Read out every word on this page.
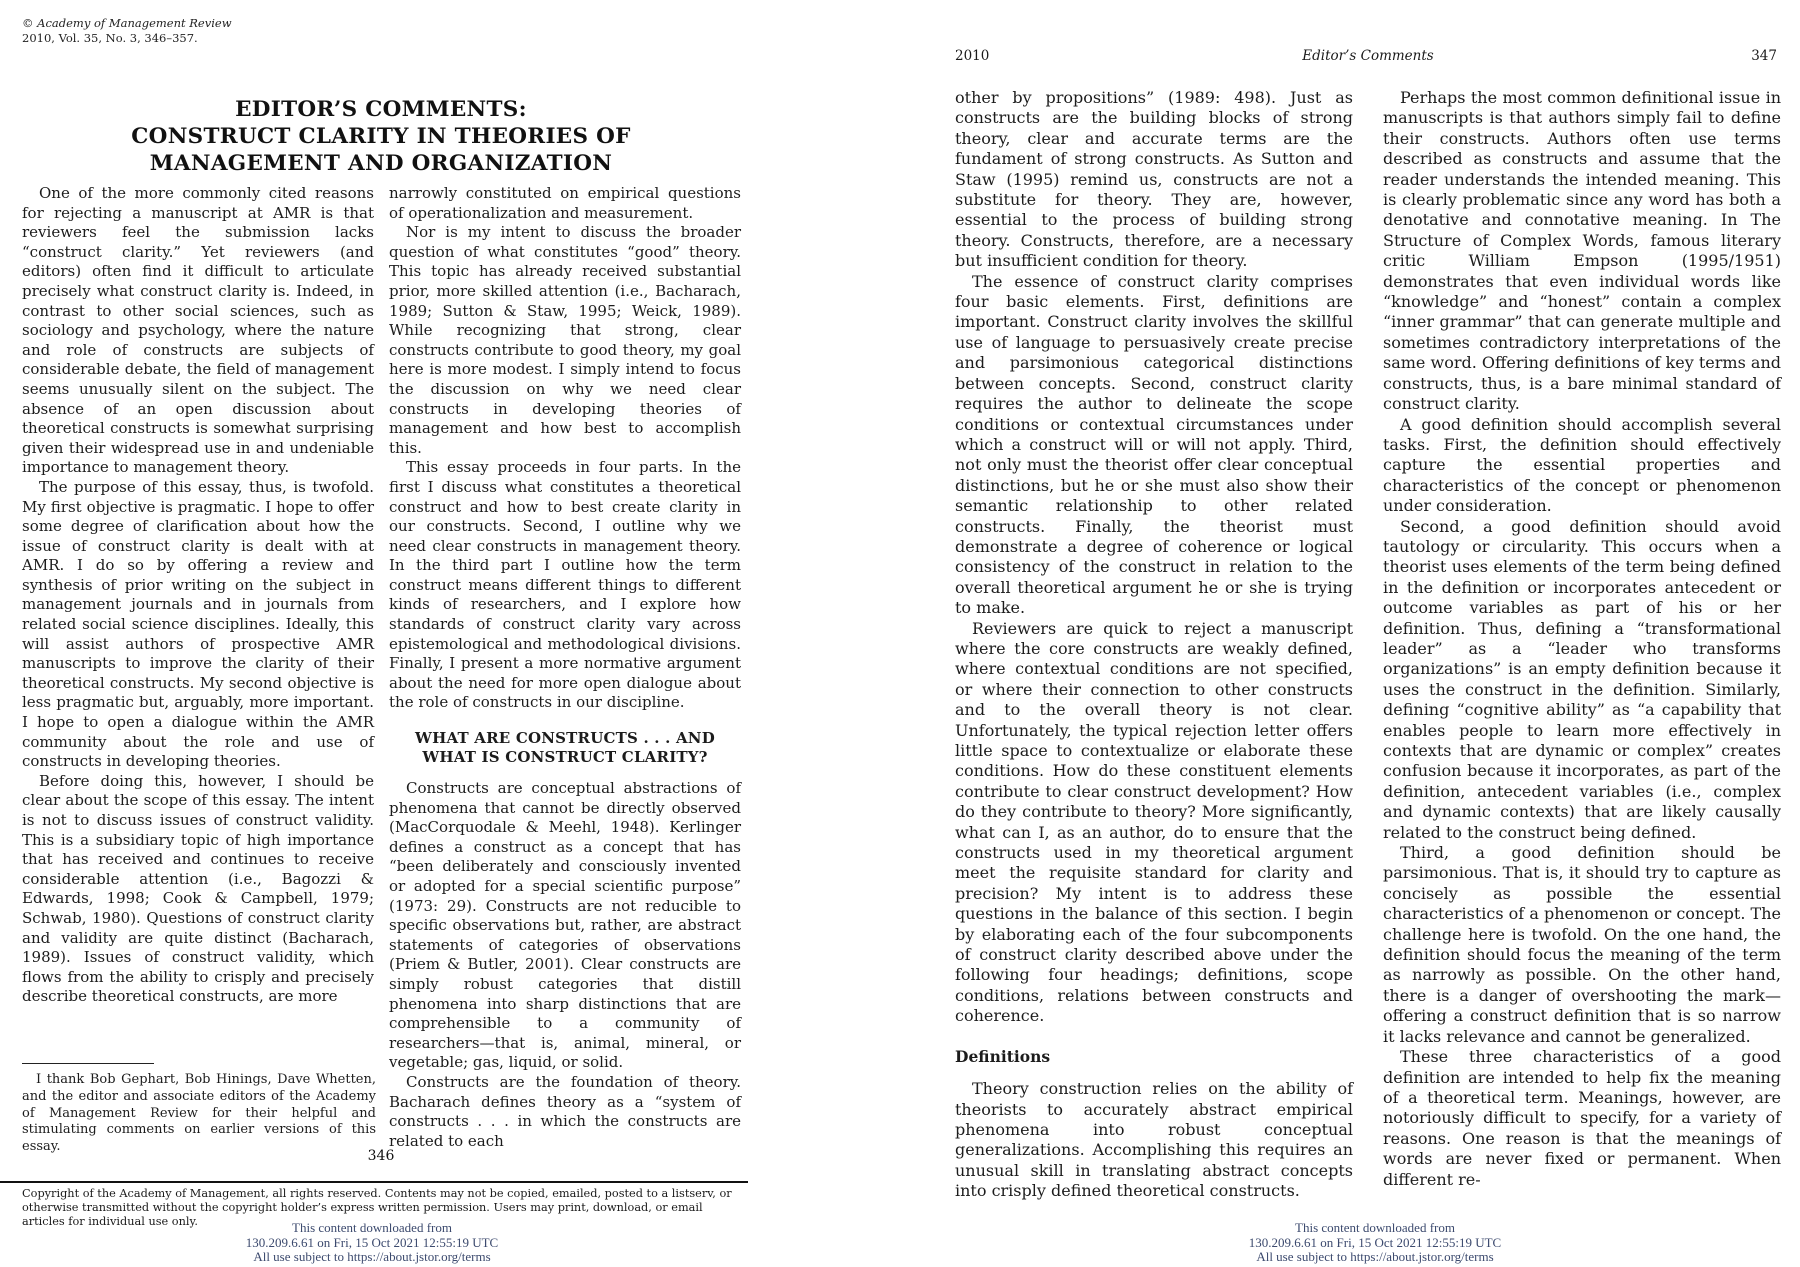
© Academy of Management Review
2010, Vol. 35, No. 3, 346–357.
EDITOR’S COMMENTS:
CONSTRUCT CLARITY IN THEORIES OF
MANAGEMENT AND ORGANIZATION

One of the more commonly cited reasons for rejecting a manuscript at AMR is that reviewers feel the submission lacks “construct clarity.” Yet reviewers (and editors) often find it difficult to articulate precisely what construct clarity is. Indeed, in contrast to other social sciences, such as sociology and psychology, where the nature and role of constructs are subjects of considerable debate, the field of management seems unusually silent on the subject. The absence of an open discussion about theoretical constructs is somewhat surprising given their widespread use in and undeniable importance to management theory.

The purpose of this essay, thus, is twofold. My first objective is pragmatic. I hope to offer some degree of clarification about how the issue of construct clarity is dealt with at AMR. I do so by offering a review and synthesis of prior writing on the subject in management journals and in journals from related social science disciplines. Ideally, this will assist authors of prospective AMR manuscripts to improve the clarity of their theoretical constructs. My second objective is less pragmatic but, arguably, more important. I hope to open a dialogue within the AMR community about the role and use of constructs in developing theories.

Before doing this, however, I should be clear about the scope of this essay. The intent is not to discuss issues of construct validity. This is a subsidiary topic of high importance that has received and continues to receive considerable attention (i.e., Bagozzi & Edwards, 1998; Cook & Campbell, 1979; Schwab, 1980). Questions of construct clarity and validity are quite distinct (Bacharach, 1989). Issues of construct validity, which flows from the ability to crisply and precisely describe theoretical constructs, are more

narrowly constituted on empirical questions of operationalization and measurement.

Nor is my intent to discuss the broader question of what constitutes “good” theory. This topic has already received substantial prior, more skilled attention (i.e., Bacharach, 1989; Sutton & Staw, 1995; Weick, 1989). While recognizing that strong, clear constructs contribute to good theory, my goal here is more modest. I simply intend to focus the discussion on why we need clear constructs in developing theories of management and how best to accomplish this.

This essay proceeds in four parts. In the first I discuss what constitutes a theoretical construct and how to best create clarity in our constructs. Second, I outline why we need clear constructs in management theory. In the third part I outline how the term construct means different things to different kinds of researchers, and I explore how standards of construct clarity vary across epistemological and methodological divisions. Finally, I present a more normative argument about the need for more open dialogue about the role of constructs in our discipline.

WHAT ARE CONSTRUCTS . . . AND WHAT IS CONSTRUCT CLARITY?

Constructs are conceptual abstractions of phenomena that cannot be directly observed (MacCorquodale & Meehl, 1948). Kerlinger defines a construct as a concept that has “been deliberately and consciously invented or adopted for a special scientific purpose” (1973: 29). Constructs are not reducible to specific observations but, rather, are abstract statements of categories of observations (Priem & Butler, 2001). Clear constructs are simply robust categories that distill phenomena into sharp distinctions that are comprehensible to a community of researchers—that is, animal, mineral, or vegetable; gas, liquid, or solid.

Constructs are the foundation of theory. Bacharach defines theory as a “system of constructs . . . in which the constructs are related to each

I thank Bob Gephart, Bob Hinings, Dave Whetten, and the editor and associate editors of the Academy of Management Review for their helpful and stimulating comments on earlier versions of this essay.

346

Copyright of the Academy of Management, all rights reserved. Contents may not be copied, emailed, posted to a listserv, or otherwise transmitted without the copyright holder’s express written permission. Users may print, download, or email articles for individual use only.	This content downloaded from
130.209.6.61 on Fri, 15 Oct 2021 12:55:19 UTC
All use subject to https://about.jstor.org/terms
2010	Editor’s Comments	347

other by propositions” (1989: 498). Just as constructs are the building blocks of strong theory, clear and accurate terms are the fundament of strong constructs. As Sutton and Staw (1995) remind us, constructs are not a substitute for theory. They are, however, essential to the process of building strong theory. Constructs, therefore, are a necessary but insufficient condition for theory.

The essence of construct clarity comprises four basic elements. First, definitions are important. Construct clarity involves the skillful use of language to persuasively create precise and parsimonious categorical distinctions between concepts. Second, construct clarity requires the author to delineate the scope conditions or contextual circumstances under which a construct will or will not apply. Third, not only must the theorist offer clear conceptual distinctions, but he or she must also show their semantic relationship to other related constructs. Finally, the theorist must demonstrate a degree of coherence or logical consistency of the construct in relation to the overall theoretical argument he or she is trying to make.

Reviewers are quick to reject a manuscript where the core constructs are weakly defined, where contextual conditions are not specified, or where their connection to other constructs and to the overall theory is not clear. Unfortunately, the typical rejection letter offers little space to contextualize or elaborate these conditions. How do these constituent elements contribute to clear construct development? How do they contribute to theory? More significantly, what can I, as an author, do to ensure that the constructs used in my theoretical argument meet the requisite standard for clarity and precision? My intent is to address these questions in the balance of this section. I begin by elaborating each of the four subcomponents of construct clarity described above under the following four headings; definitions, scope conditions, relations between constructs and coherence.

Definitions

Theory construction relies on the ability of theorists to accurately abstract empirical phenomena into robust conceptual generalizations. Accomplishing this requires an unusual skill in translating abstract concepts into crisply defined theoretical constructs.

Perhaps the most common definitional issue in manuscripts is that authors simply fail to define their constructs. Authors often use terms described as constructs and assume that the reader understands the intended meaning. This is clearly problematic since any word has both a denotative and connotative meaning. In The Structure of Complex Words, famous literary critic William Empson (1995/1951) demonstrates that even individual words like “knowledge” and “honest” contain a complex “inner grammar” that can generate multiple and sometimes contradictory interpretations of the same word. Offering definitions of key terms and constructs, thus, is a bare minimal standard of construct clarity.

A good definition should accomplish several tasks. First, the definition should effectively capture the essential properties and characteristics of the concept or phenomenon under consideration.

Second, a good definition should avoid tautology or circularity. This occurs when a theorist uses elements of the term being defined in the definition or incorporates antecedent or outcome variables as part of his or her definition. Thus, defining a “transformational leader” as a “leader who transforms organizations” is an empty definition because it uses the construct in the definition. Similarly, defining “cognitive ability” as “a capability that enables people to learn more effectively in contexts that are dynamic or complex” creates confusion because it incorporates, as part of the definition, antecedent variables (i.e., complex and dynamic contexts) that are likely causally related to the construct being defined.

Third, a good definition should be parsimonious. That is, it should try to capture as concisely as possible the essential characteristics of a phenomenon or concept. The challenge here is twofold. On the one hand, the definition should focus the meaning of the term as narrowly as possible. On the other hand, there is a danger of overshooting the mark—offering a construct definition that is so narrow it lacks relevance and cannot be generalized.

These three characteristics of a good definition are intended to help fix the meaning of a theoretical term. Meanings, however, are notoriously difficult to specify, for a variety of reasons. One reason is that the meanings of words are never fixed or permanent. When different re-

This content downloaded from
130.209.6.61 on Fri, 15 Oct 2021 12:55:19 UTC
All use subject to https://about.jstor.org/terms
